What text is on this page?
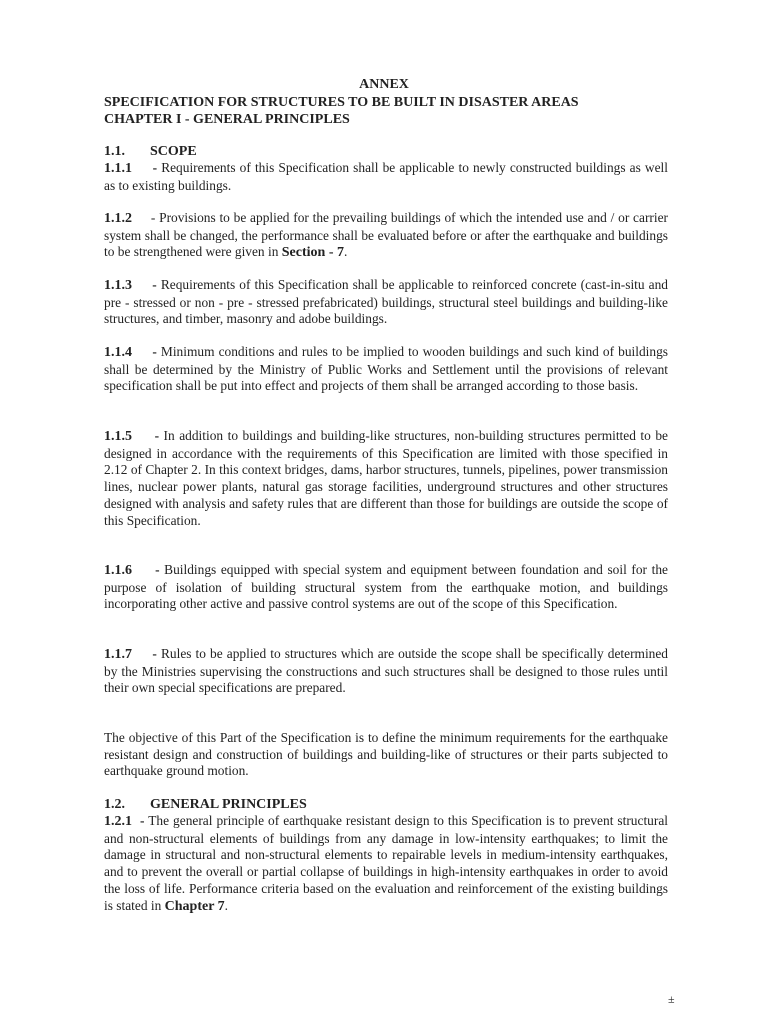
ANNEX
SPECIFICATION FOR STRUCTURES TO BE BUILT IN DISASTER AREAS
CHAPTER I - GENERAL PRINCIPLES
1.1. SCOPE

1.1.1 - Requirements of this Specification shall be applicable to newly constructed buildings as well as to existing buildings.

1.1.2 - Provisions to be applied for the prevailing buildings of which the intended use and / or carrier system shall be changed, the performance shall be evaluated before or after the earthquake and buildings to be strengthened were given in Section - 7.

1.1.3 - Requirements of this Specification shall be applicable to reinforced concrete (cast-in-situ and pre - stressed or non - pre - stressed prefabricated) buildings, structural steel buildings and building-like structures, and timber, masonry and adobe buildings.

1.1.4 - Minimum conditions and rules to be implied to wooden buildings and such kind of buildings shall be determined by the Ministry of Public Works and Settlement until the provisions of relevant specification shall be put into effect and projects of them shall be arranged according to those basis.

1.1.5 - In addition to buildings and building-like structures, non-building structures permitted to be designed in accordance with the requirements of this Specification are limited with those specified in 2.12 of Chapter 2. In this context bridges, dams, harbor structures, tunnels, pipelines, power transmission lines, nuclear power plants, natural gas storage facilities, underground structures and other structures designed with analysis and safety rules that are different than those for buildings are outside the scope of this Specification.

1.1.6 - Buildings equipped with special system and equipment between foundation and soil for the purpose of isolation of building structural system from the earthquake motion, and buildings incorporating other active and passive control systems are out of the scope of this Specification.

1.1.7 - Rules to be applied to structures which are outside the scope shall be specifically determined by the Ministries supervising the constructions and such structures shall be designed to those rules until their own special specifications are prepared.

The objective of this Part of the Specification is to define the minimum requirements for the earthquake resistant design and construction of buildings and building-like of structures or their parts subjected to earthquake ground motion.

1.2. GENERAL PRINCIPLES

1.2.1 - The general principle of earthquake resistant design to this Specification is to prevent structural and non-structural elements of buildings from any damage in low-intensity earthquakes; to limit the damage in structural and non-structural elements to repairable levels in medium-intensity earthquakes, and to prevent the overall or partial collapse of buildings in high-intensity earthquakes in order to avoid the loss of life. Performance criteria based on the evaluation and reinforcement of the existing buildings is stated in Chapter 7.

±
